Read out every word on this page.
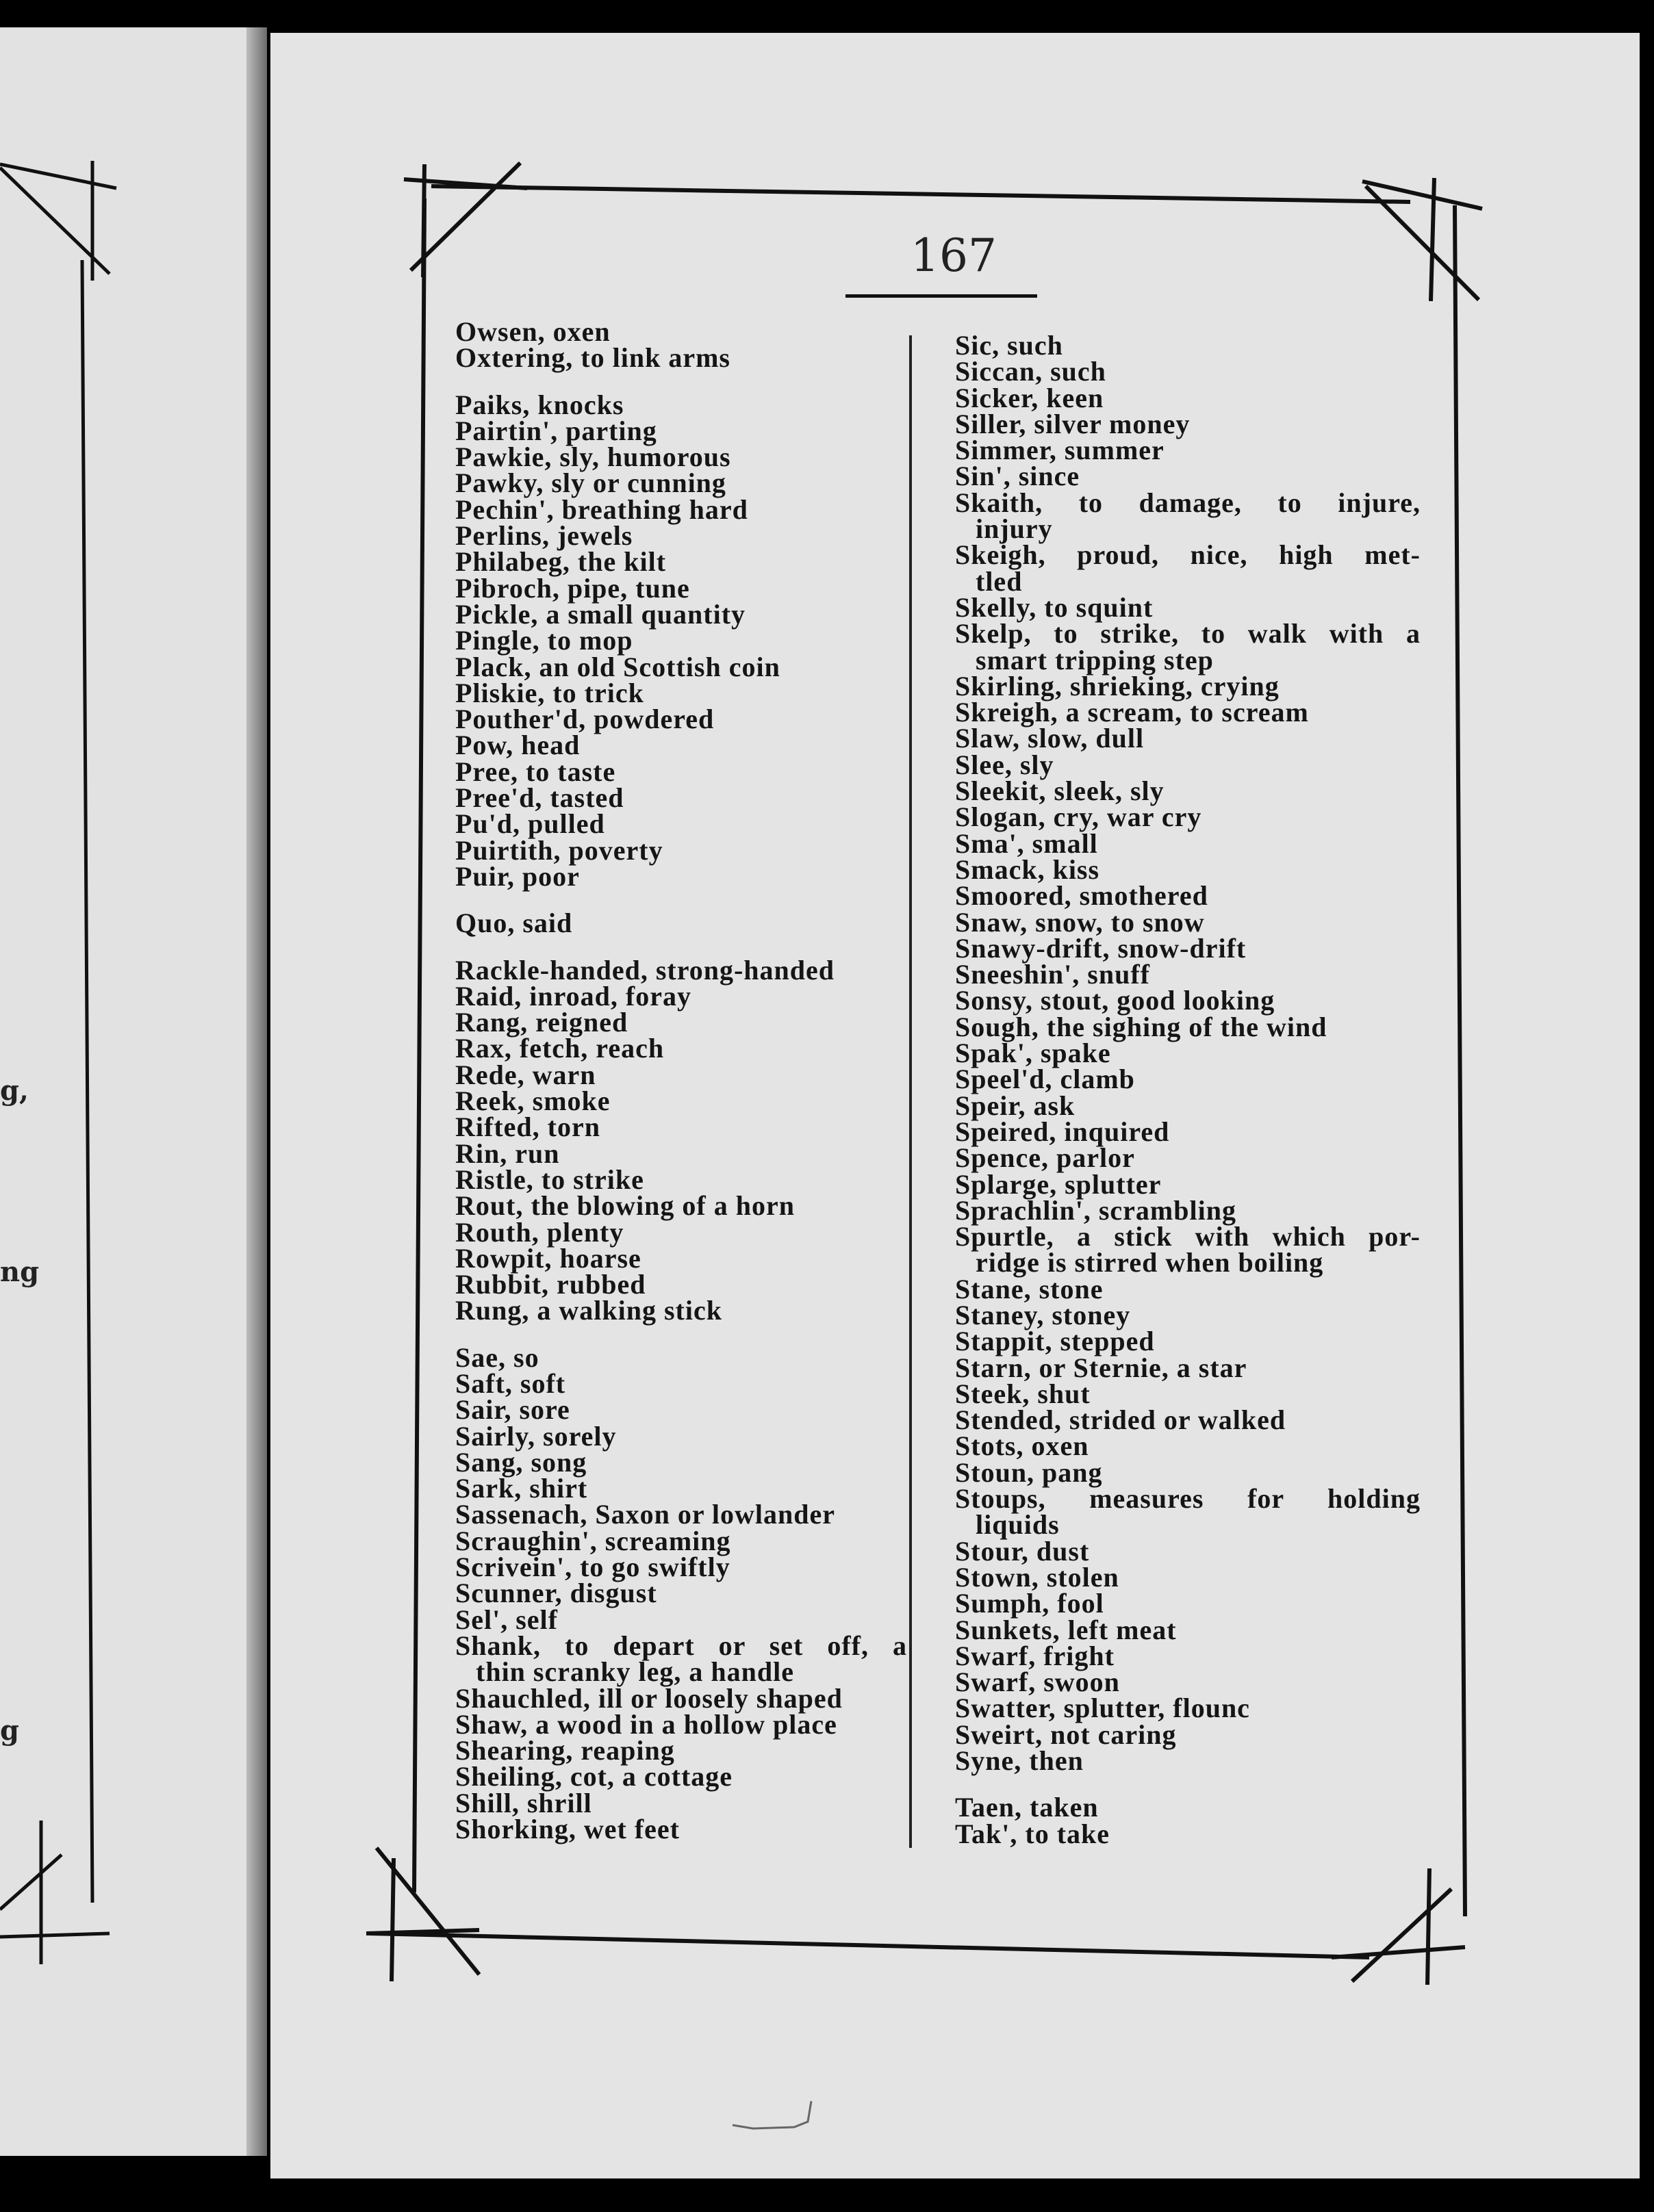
g,
ng
g
167
Owsen, oxen
Oxtering, to link arms
Paiks, knocks
Pairtin', parting
Pawkie, sly, humorous
Pawky, sly or cunning
Pechin', breathing hard
Perlins, jewels
Philabeg, the kilt
Pibroch, pipe, tune
Pickle, a small quantity
Pingle, to mop
Plack, an old Scottish coin
Pliskie, to trick
Pouther'd, powdered
Pow, head
Pree, to taste
Pree'd, tasted
Pu'd, pulled
Puirtith, poverty
Puir, poor
Quo, said
Rackle-handed, strong-handed
Raid, inroad, foray
Rang, reigned
Rax, fetch, reach
Rede, warn
Reek, smoke
Rifted, torn
Rin, run
Ristle, to strike
Rout, the blowing of a horn
Routh, plenty
Rowpit, hoarse
Rubbit, rubbed
Rung, a walking stick
Sae, so
Saft, soft
Sair, sore
Sairly, sorely
Sang, song
Sark, shirt
Sassenach, Saxon or lowlander
Scraughin', screaming
Scrivein', to go swiftly
Scunner, disgust
Sel', self
Shank, to depart or set off, a
thin scranky leg, a handle
Shauchled, ill or loosely shaped
Shaw, a wood in a hollow place
Shearing, reaping
Sheiling, cot, a cottage
Shill, shrill
Shorking, wet feet
Sic, such
Siccan, such
Sicker, keen
Siller, silver money
Simmer, summer
Sin', since
Skaith, to damage, to injure,
injury
Skeigh, proud, nice, high met-
tled
Skelly, to squint
Skelp, to strike, to walk with a
smart tripping step
Skirling, shrieking, crying
Skreigh, a scream, to scream
Slaw, slow, dull
Slee, sly
Sleekit, sleek, sly
Slogan, cry, war cry
Sma', small
Smack, kiss
Smoored, smothered
Snaw, snow, to snow
Snawy-drift, snow-drift
Sneeshin', snuff
Sonsy, stout, good looking
Sough, the sighing of the wind
Spak', spake
Speel'd, clamb
Speir, ask
Speired, inquired
Spence, parlor
Splarge, splutter
Sprachlin', scrambling
Spurtle, a stick with which por-
ridge is stirred when boiling
Stane, stone
Staney, stoney
Stappit, stepped
Starn, or Sternie, a star
Steek, shut
Stended, strided or walked
Stots, oxen
Stoun, pang
Stoups, measures for holding
liquids
Stour, dust
Stown, stolen
Sumph, fool
Sunkets, left meat
Swarf, fright
Swarf, swoon
Swatter, splutter, flounc
Sweirt, not caring
Syne, then
Taen, taken
Tak', to take
